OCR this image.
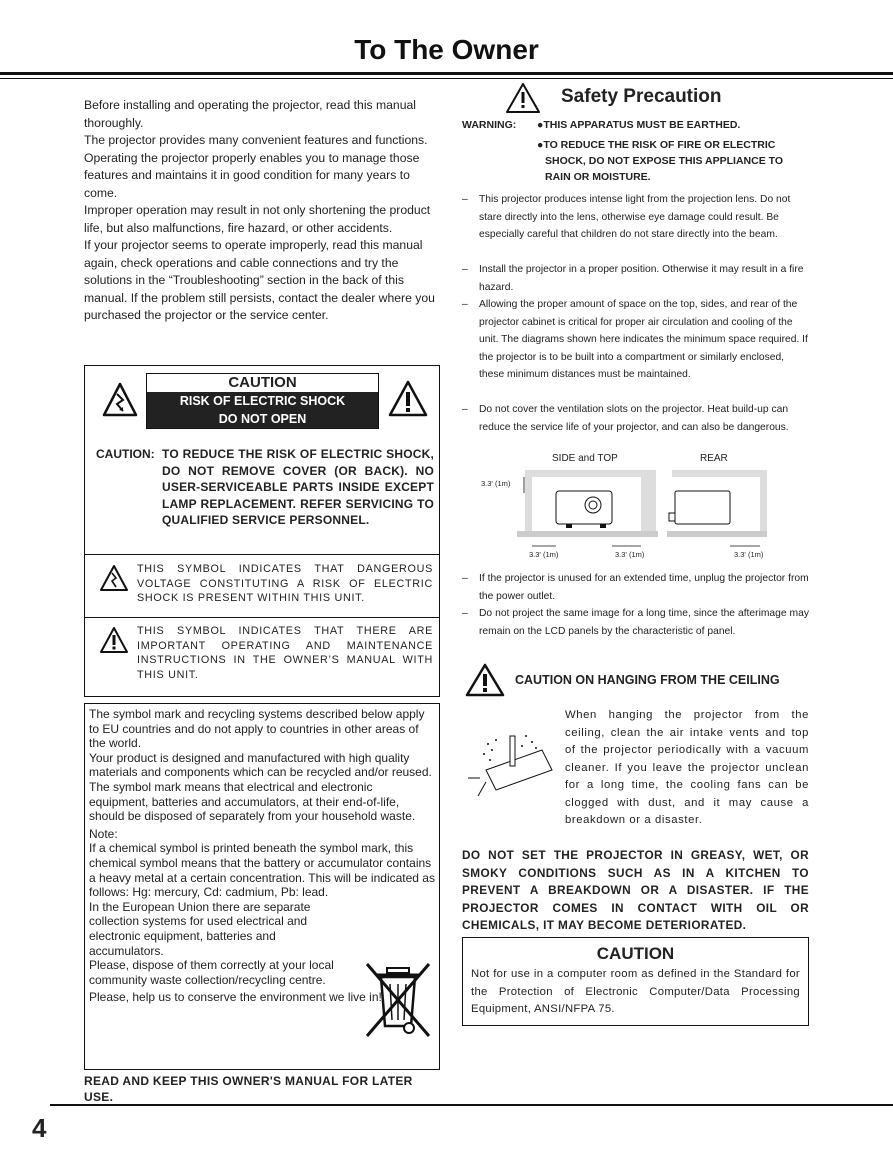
To The Owner

Before installing and operating the projector, read this manual thoroughly.

The projector provides many convenient features and functions. Operating the projector properly enables you to manage those features and maintains it in good condition for many years to come.

Improper operation may result in not only shortening the product life, but also malfunctions, fire hazard, or other accidents.

If your projector seems to operate improperly, read this manual again, check operations and cable connections and try the solutions in the “Troubleshooting” section in the back of this manual. If the problem still persists, contact the dealer where you purchased the projector or the service center.

CAUTION
RISK OF ELECTRIC SHOCK
DO NOT OPEN
CAUTION: TO REDUCE THE RISK OF ELECTRIC SHOCK, DO NOT REMOVE COVER (OR BACK). NO USER-SERVICEABLE PARTS INSIDE EXCEPT LAMP REPLACEMENT. REFER SERVICING TO QUALIFIED SERVICE PERSONNEL.
THIS SYMBOL INDICATES THAT DANGEROUS VOLTAGE CONSTITUTING A RISK OF ELECTRIC SHOCK IS PRESENT WITHIN THIS UNIT.
THIS SYMBOL INDICATES THAT THERE ARE IMPORTANT OPERATING AND MAINTENANCE INSTRUCTIONS IN THE OWNER’S MANUAL WITH THIS UNIT.

The symbol mark and recycling systems described below apply to EU countries and do not apply to countries in other areas of the world.

Your product is designed and manufactured with high quality materials and components which can be recycled and/or reused.

The symbol mark means that electrical and electronic equipment, batteries and accumulators, at their end-of-life, should be disposed of separately from your household waste.

Note:

If a chemical symbol is printed beneath the symbol mark, this chemical symbol means that the battery or accumulator contains a heavy metal at a certain concentration. This will be indicated as follows: Hg: mercury, Cd: cadmium, Pb: lead.

In the European Union there are separate collection systems for used electrical and electronic equipment, batteries and accumulators.

Please, dispose of them correctly at your local community waste collection/recycling centre.

Please, help us to conserve the environment we live in!

READ AND KEEP THIS OWNER'S MANUAL FOR LATER USE.
4
Safety Precaution
WARNING: ●THIS APPARATUS MUST BE EARTHED.
●TO REDUCE THE RISK OF FIRE OR ELECTRIC SHOCK, DO NOT EXPOSE THIS APPLIANCE TO RAIN OR MOISTURE.
– This projector produces intense light from the projection lens. Do not stare directly into the lens, otherwise eye damage could result. Be especially careful that children do not stare directly into the beam.
– Install the projector in a proper position. Otherwise it may result in a fire hazard.
– Allowing the proper amount of space on the top, sides, and rear of the projector cabinet is critical for proper air circulation and cooling of the unit. The diagrams shown here indicates the minimum space required. If the projector is to be built into a compartment or similarly enclosed, these minimum distances must be maintained.
– Do not cover the ventilation slots on the projector. Heat build-up can reduce the service life of your projector, and can also be dangerous.
SIDE and TOP	REAR
3.3' (1m)
3.3' (1m)	3.3' (1m)	3.3' (1m)
– If the projector is unused for an extended time, unplug the projector from the power outlet.
– Do not project the same image for a long time, since the afterimage may remain on the LCD panels by the characteristic of panel.
CAUTION ON HANGING FROM THE CEILING
When hanging the projector from the ceiling, clean the air intake vents and top of the projector periodically with a vacuum cleaner. If you leave the projector unclean for a long time, the cooling fans can be clogged with dust, and it may cause a breakdown or a disaster.
DO NOT SET THE PROJECTOR IN GREASY, WET, OR SMOKY CONDITIONS SUCH AS IN A KITCHEN TO PREVENT A BREAKDOWN OR A DISASTER. IF THE PROJECTOR COMES IN CONTACT WITH OIL OR CHEMICALS, IT MAY BECOME DETERIORATED.
CAUTION
Not for use in a computer room as defined in the Standard for the Protection of Electronic Computer/Data Processing Equipment, ANSI/NFPA 75.
